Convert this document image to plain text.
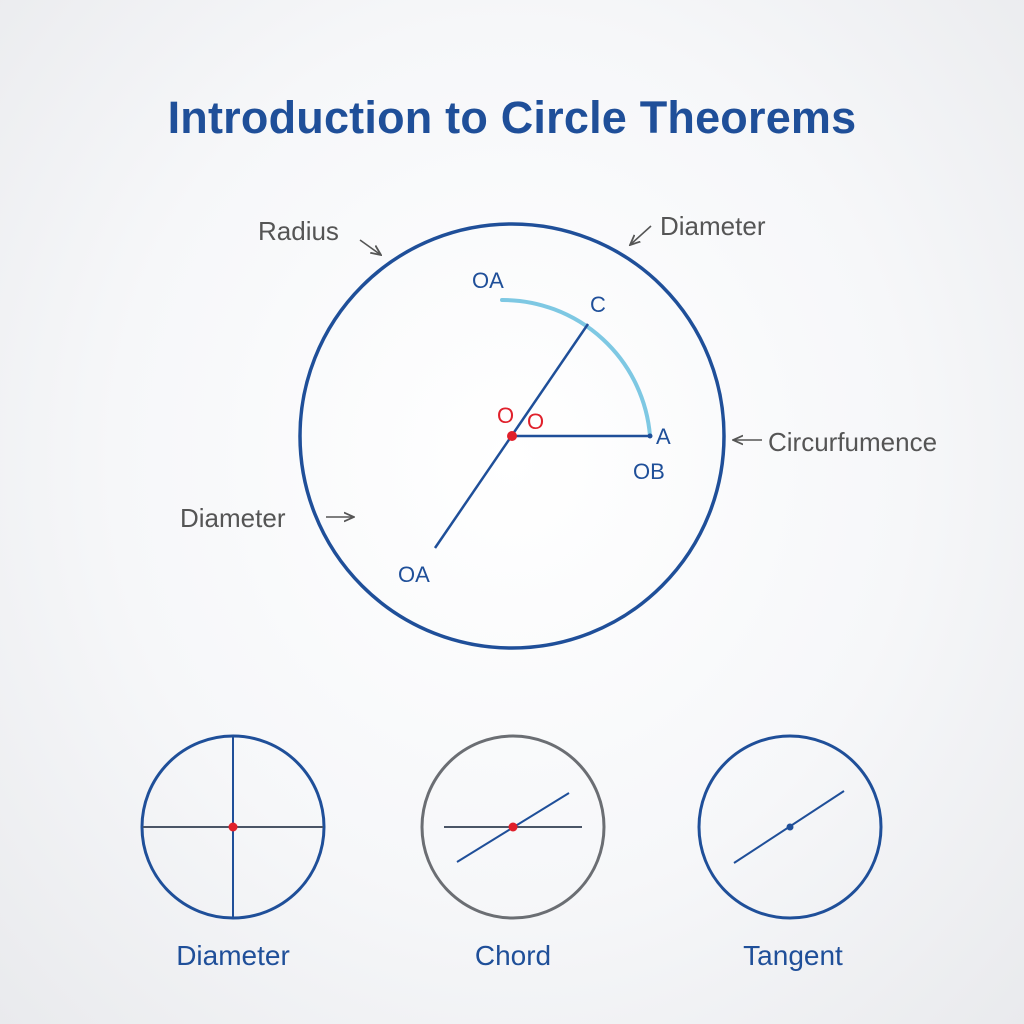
Introduction to Circle Theorems
OA
C
O O
A
OB
OA
Radius	Diameter
Circurfumence
Diameter
Diameter	Chord	Tangent
